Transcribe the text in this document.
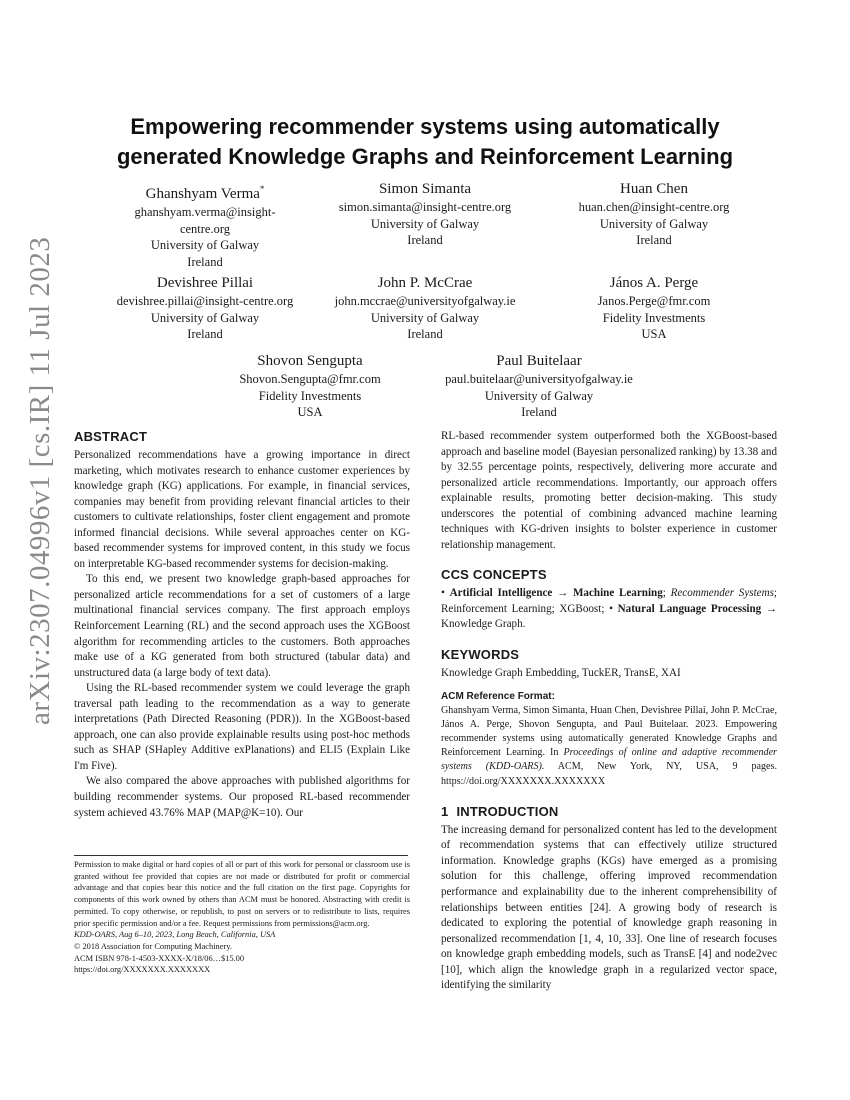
arXiv:2307.04996v1 [cs.IR] 11 Jul 2023
Empowering recommender systems using automatically
generated Knowledge Graphs and Reinforcement Learning
Ghanshyam Verma*
ghanshyam.verma@insight-
centre.org
University of Galway
Ireland
Simon Simanta
simon.simanta@insight-centre.org
University of Galway
Ireland
Huan Chen
huan.chen@insight-centre.org
University of Galway
Ireland
Devishree Pillai
devishree.pillai@insight-centre.org
University of Galway
Ireland
John P. McCrae
john.mccrae@universityofgalway.ie
University of Galway
Ireland
János A. Perge
Janos.Perge@fmr.com
Fidelity Investments
USA
Shovon Sengupta
Shovon.Sengupta@fmr.com
Fidelity Investments
USA
Paul Buitelaar
paul.buitelaar@universityofgalway.ie
University of Galway
Ireland
ABSTRACT

Personalized recommendations have a growing importance in direct marketing, which motivates research to enhance customer experiences by knowledge graph (KG) applications. For example, in financial services, companies may benefit from providing relevant financial articles to their customers to cultivate relationships, foster client engagement and promote informed financial decisions. While several approaches center on KG-based recommender systems for improved content, in this study we focus on interpretable KG-based recommender systems for decision-making.

To this end, we present two knowledge graph-based approaches for personalized article recommendations for a set of customers of a large multinational financial services company. The first approach employs Reinforcement Learning (RL) and the second approach uses the XGBoost algorithm for recommending articles to the customers. Both approaches make use of a KG generated from both structured (tabular data) and unstructured data (a large body of text data).

Using the RL-based recommender system we could leverage the graph traversal path leading to the recommendation as a way to generate interpretations (Path Directed Reasoning (PDR)). In the XGBoost-based approach, one can also provide explainable results using post-hoc methods such as SHAP (SHapley Additive exPlanations) and ELI5 (Explain Like I'm Five).

We also compared the above approaches with published algorithms for building recommender systems. Our proposed RL-based recommender system achieved 43.76% MAP (MAP@K=10). Our

Permission to make digital or hard copies of all or part of this work for personal or classroom use is granted without fee provided that copies are not made or distributed for profit or commercial advantage and that copies bear this notice and the full citation on the first page. Copyrights for components of this work owned by others than ACM must be honored. Abstracting with credit is permitted. To copy otherwise, or republish, to post on servers or to redistribute to lists, requires prior specific permission and/or a fee. Request permissions from permissions@acm.org.

KDD-OARS, Aug 6–10, 2023, Long Beach, California, USA

© 2018 Association for Computing Machinery.

ACM ISBN 978-1-4503-XXXX-X/18/06…$15.00

https://doi.org/XXXXXXX.XXXXXXX

RL-based recommender system outperformed both the XGBoost-based approach and baseline model (Bayesian personalized ranking) by 13.38 and by 32.55 percentage points, respectively, delivering more accurate and personalized article recommendations. Importantly, our approach offers explainable results, promoting better decision-making. This study underscores the potential of combining advanced machine learning techniques with KG-driven insights to bolster experience in customer relationship management.

CCS CONCEPTS

• Artificial Intelligence → Machine Learning; Recommender Systems; Reinforcement Learning; XGBoost; • Natural Language Processing → Knowledge Graph.

KEYWORDS

Knowledge Graph Embedding, TuckER, TransE, XAI

ACM Reference Format:

Ghanshyam Verma, Simon Simanta, Huan Chen, Devishree Pillai, John P. McCrae, János A. Perge, Shovon Sengupta, and Paul Buitelaar. 2023. Empowering recommender systems using automatically generated Knowledge Graphs and Reinforcement Learning. In Proceedings of online and adaptive recommender systems (KDD-OARS). ACM, New York, NY, USA, 9 pages. https://doi.org/XXXXXXX.XXXXXXX

1 INTRODUCTION

The increasing demand for personalized content has led to the development of recommendation systems that can effectively utilize structured information. Knowledge graphs (KGs) have emerged as a promising solution for this challenge, offering improved recommendation performance and explainability due to the inherent comprehensibility of relationships between entities [24]. A growing body of research is dedicated to exploring the potential of knowledge graph reasoning in personalized recommendation [1, 4, 10, 33]. One line of research focuses on knowledge graph embedding models, such as TransE [4] and node2vec [10], which align the knowledge graph in a regularized vector space, identifying the similarity
